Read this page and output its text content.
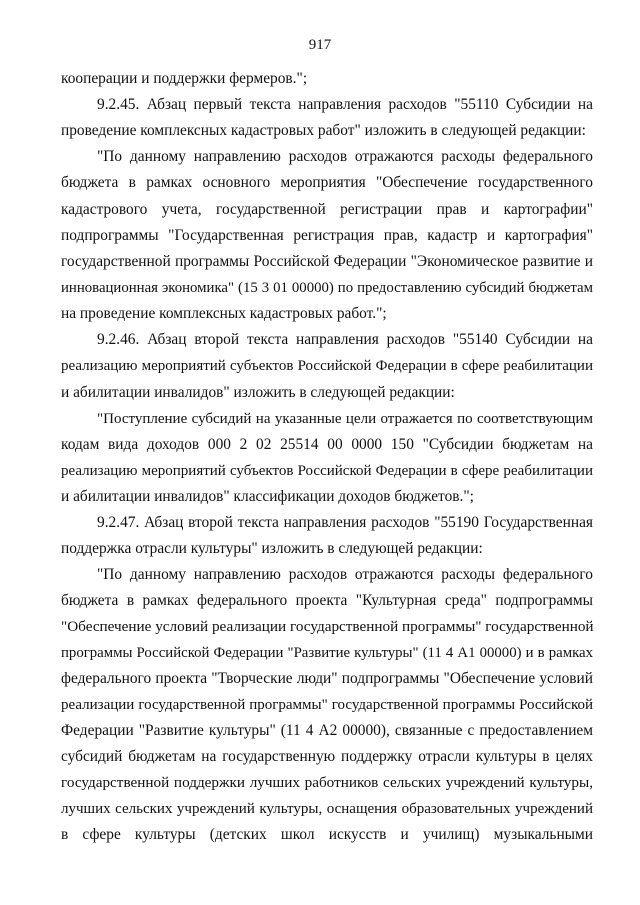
917
кооперации и поддержки фермеров.";
9.2.45. Абзац первый текста направления расходов "55110 Субсидии на
проведение комплексных кадастровых работ" изложить в следующей редакции:
"По данному направлению расходов отражаются расходы федерального
бюджета в рамках основного мероприятия "Обеспечение государственного
кадастрового учета, государственной регистрации прав и картографии"
подпрограммы "Государственная регистрация прав, кадастр и картография"
государственной программы Российской Федерации "Экономическое развитие и
инновационная экономика" (15 3 01 00000) по предоставлению субсидий бюджетам
на проведение комплексных кадастровых работ.";
9.2.46. Абзац второй текста направления расходов "55140 Субсидии на
реализацию мероприятий субъектов Российской Федерации в сфере реабилитации
и абилитации инвалидов" изложить в следующей редакции:
"Поступление субсидий на указанные цели отражается по соответствующим
кодам вида доходов 000 2 02 25514 00 0000 150 "Субсидии бюджетам на
реализацию мероприятий субъектов Российской Федерации в сфере реабилитации
и абилитации инвалидов" классификации доходов бюджетов.";
9.2.47. Абзац второй текста направления расходов "55190 Государственная
поддержка отрасли культуры" изложить в следующей редакции:
"По данному направлению расходов отражаются расходы федерального
бюджета в рамках федерального проекта "Культурная среда" подпрограммы
"Обеспечение условий реализации государственной программы" государственной
программы Российской Федерации "Развитие культуры" (11 4 A1 00000) и в рамках
федерального проекта "Творческие люди" подпрограммы "Обеспечение условий
реализации государственной программы" государственной программы Российской
Федерации "Развитие культуры" (11 4 A2 00000), связанные с предоставлением
субсидий бюджетам на государственную поддержку отрасли культуры в целях
государственной поддержки лучших работников сельских учреждений культуры,
лучших сельских учреждений культуры, оснащения образовательных учреждений
в сфере культуры (детских школ искусств и училищ) музыкальными
